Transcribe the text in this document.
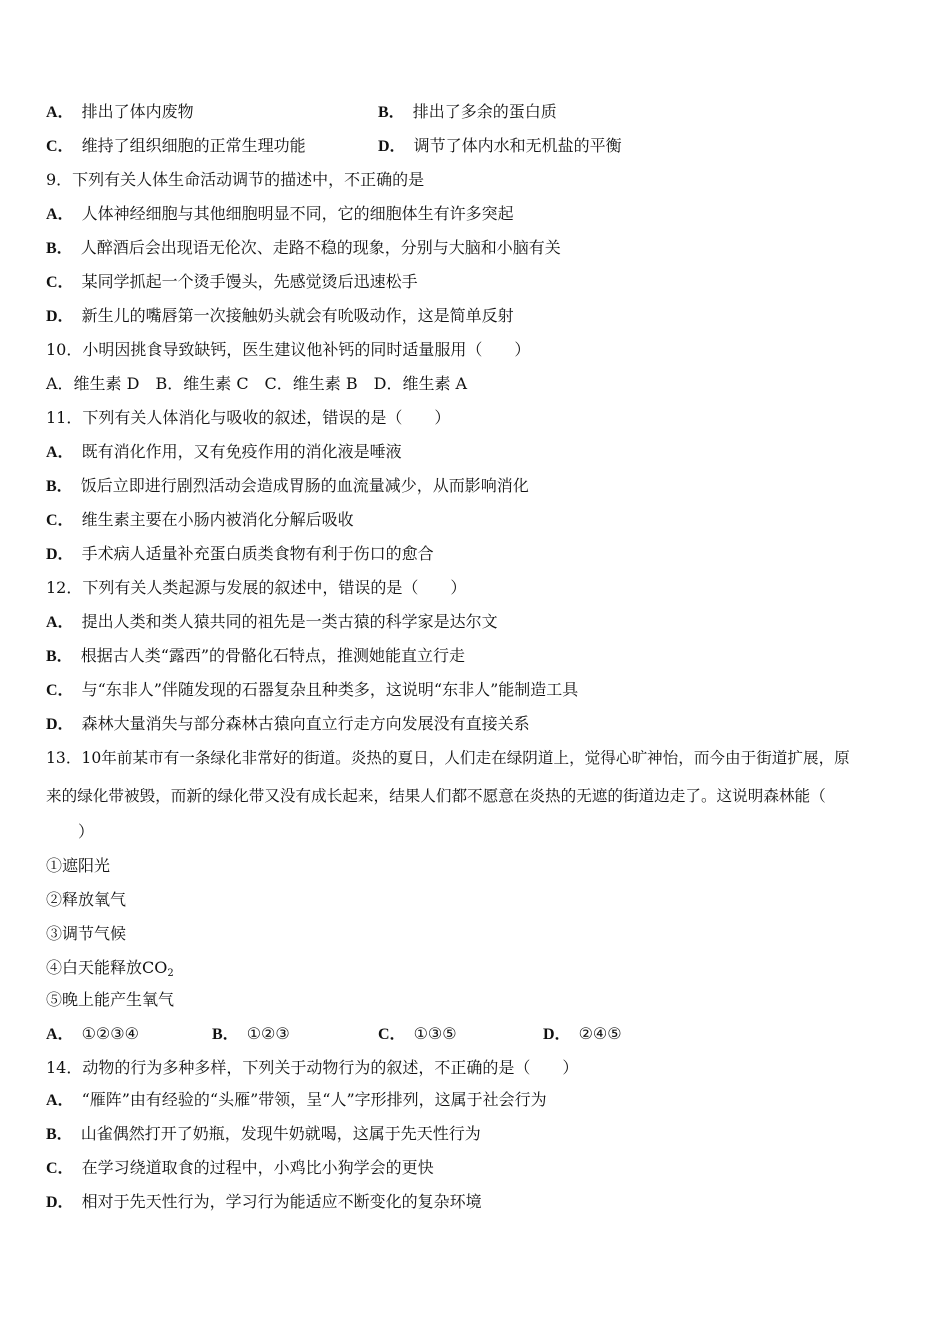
A． 排出了体内废物	B． 排出了多余的蛋白质
C． 维持了组织细胞的正常生理功能	D． 调节了体内水和无机盐的平衡
9．下列有关人体生命活动调节的描述中，不正确的是
A． 人体神经细胞与其他细胞明显不同，它的细胞体生有许多突起
B． 人醉酒后会出现语无伦次、走路不稳的现象，分别与大脑和小脑有关
C． 某同学抓起一个烫手馒头，先感觉烫后迅速松手
D． 新生儿的嘴唇第一次接触奶头就会有吮吸动作，这是简单反射
10．小明因挑食导致缺钙，医生建议他补钙的同时适量服用（　　）
A．维生素 D　B．维生素 C　C．维生素 B　D．维生素 A
11．下列有关人体消化与吸收的叙述，错误的是（　　）
A． 既有消化作用，又有免疫作用的消化液是唾液
B． 饭后立即进行剧烈活动会造成胃肠的血流量减少，从而影响消化
C． 维生素主要在小肠内被消化分解后吸收
D． 手术病人适量补充蛋白质类食物有利于伤口的愈合
12．下列有关人类起源与发展的叙述中，错误的是（　　）
A． 提出人类和类人猿共同的祖先是一类古猿的科学家是达尔文
B． 根据古人类“露西”的骨骼化石特点，推测她能直立行走
C． 与“东非人”伴随发现的石器复杂且种类多，这说明“东非人”能制造工具
D． 森林大量消失与部分森林古猿向直立行走方向发展没有直接关系
13．10年前某市有一条绿化非常好的街道。炎热的夏日，人们走在绿阴道上，觉得心旷神怡，而今由于街道扩展，原
来的绿化带被毁，而新的绿化带又没有成长起来，结果人们都不愿意在炎热的无遮的街道边走了。这说明森林能（
　　）
①遮阳光
②释放氧气
③调节气候
④白天能释放$CO_2$
⑤晚上能产生氧气
A． ①②③④	B． ①②③	C． ①③⑤	D． ②④⑤
14．动物的行为多种多样，下列关于动物行为的叙述，不正确的是（　　）
A． “雁阵”由有经验的“头雁”带领，呈“人”字形排列，这属于社会行为
B． 山雀偶然打开了奶瓶，发现牛奶就喝，这属于先天性行为
C． 在学习绕道取食的过程中，小鸡比小狗学会的更快
D． 相对于先天性行为，学习行为能适应不断变化的复杂环境
